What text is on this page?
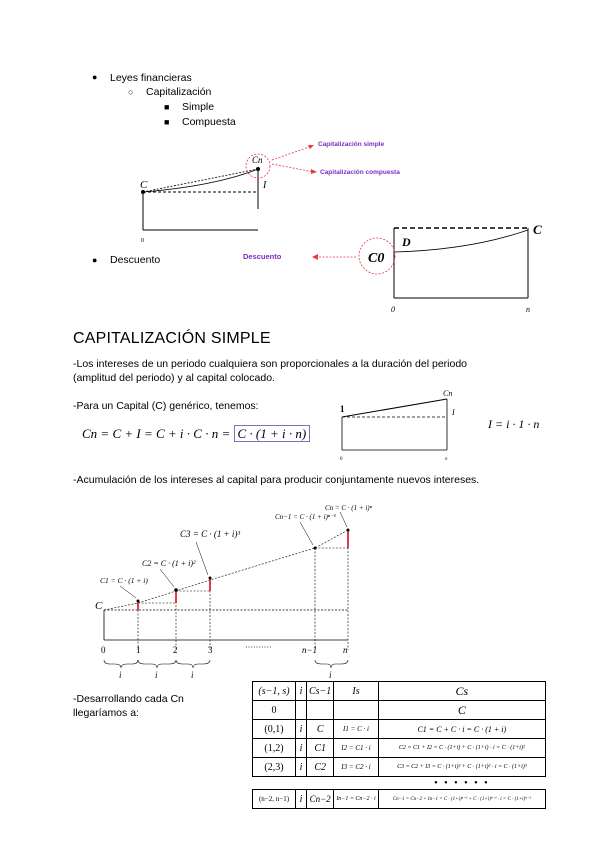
● Leyes financieras
○ Capitalización
■ Simple
■ Compuesta
● Descuento
Cn
C	I
0
Capitalización simple
Capitalización compuesta
Descuento	C0
D
C
0	n
CAPITALIZACIÓN SIMPLE
-Los intereses de un periodo cualquiera son proporcionales a la duración del periodo
(amplitud del periodo) y al capital colocado.
-Para un Capital (C) genérico, tenemos:
Cn = C + I = C + i · C · n = C · (1 + i · n)
I = i · 1 · n
Cn
1	I
0	n
-Acumulación de los intereses al capital para producir conjuntamente nuevos intereses.
C
C1 = C · (1 + i)
C2 = C · (1 + i)²
C3 = C · (1 + i)³
Cn−1 = C · (1 + i)ⁿ⁻¹
Cn = C · (1 + i)ⁿ
0	1	2	3	n−1	n
··········
i	i	i	i
-Desarrollando cada Cn
llegaríamos a:
(s−1, s)	i	Cs−1	Is	Cs
0				C
(0,1)	i	C	I1 = C · i	C1 = C + C · i = C · (1 + i)
(1,2)	i	C1	I2 = C1 · i	C2 = C1 + I2 = C · (1+i) + C · (1+i) · i = C · (1+i)²
(2,3)	i	C2	I3 = C2 · i	C3 = C2 + I3 = C · (1+i)² + C · (1+i)² · i = C · (1+i)³
				• • • • • •
(n−2, n−1)	i	Cn−2	In−1 = Cn−2 · i	Cn−1 = Cn−2 + In−1 = C · (1+i)ⁿ⁻² + C · (1+i)ⁿ⁻² · i = C · (1+i)ⁿ⁻¹
